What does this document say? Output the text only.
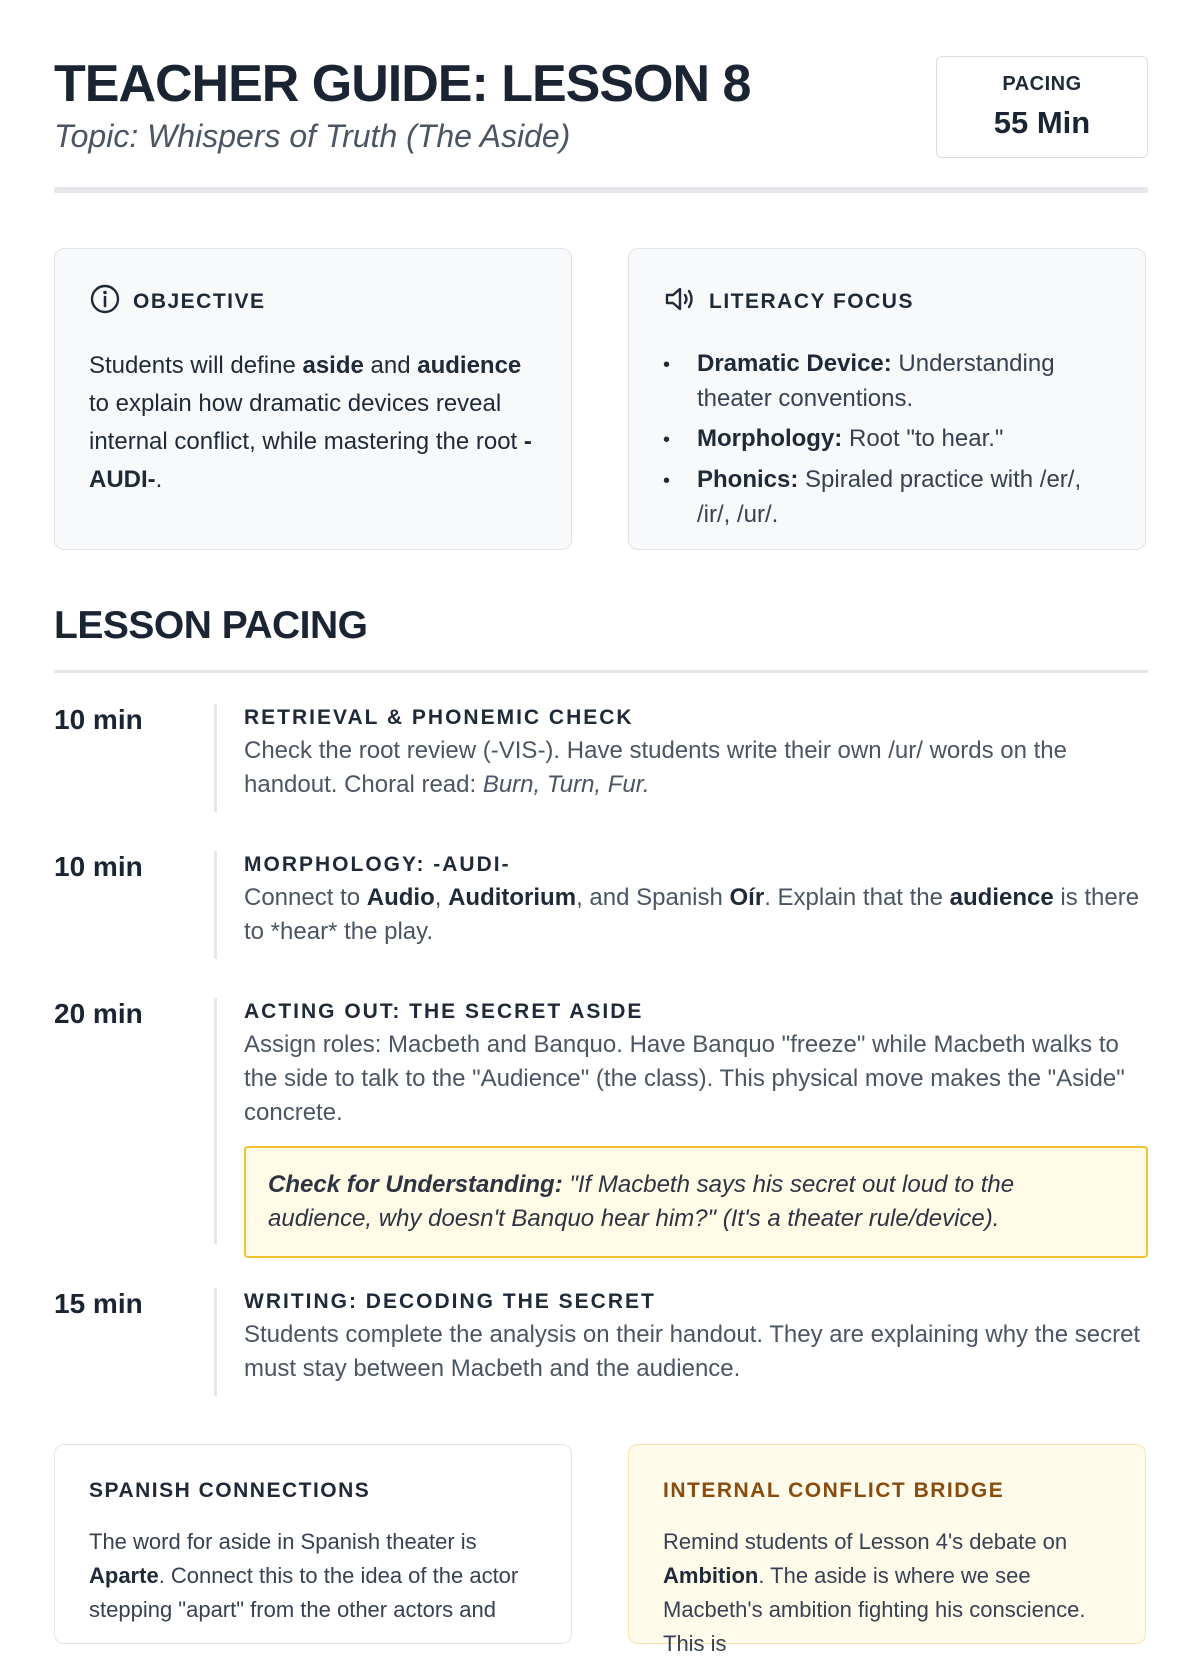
TEACHER GUIDE: LESSON 8

Topic: Whispers of Truth (The Aside)

PACING
55 Min
OBJECTIVE

Students will define aside and audience to explain how dramatic devices reveal internal conflict, while mastering the root -AUDI-.

LITERACY FOCUS
• Dramatic Device: Understanding theater conventions.
• Morphology: Root "to hear."
• Phonics: Spiraled practice with /er/, /ir/, /ur/.
LESSON PACING
10 min	RETRIEVAL & PHONEMIC CHECK

Check the root review (-VIS-). Have students write their own /ur/ words on the handout. Choral read: Burn, Turn, Fur.

10 min	MORPHOLOGY: -AUDI-

Connect to Audio, Auditorium, and Spanish Oír. Explain that the audience is there to *hear* the play.

20 min	ACTING OUT: THE SECRET ASIDE

Assign roles: Macbeth and Banquo. Have Banquo "freeze" while Macbeth walks to the side to talk to the "Audience" (the class). This physical move makes the "Aside" concrete.

Check for Understanding: "If Macbeth says his secret out loud to the audience, why doesn't Banquo hear him?" (It's a theater rule/device).
15 min	WRITING: DECODING THE SECRET

Students complete the analysis on their handout. They are explaining why the secret must stay between Macbeth and the audience.

SPANISH CONNECTIONS

The word for aside in Spanish theater is Aparte. Connect this to the idea of the actor stepping "apart" from the other actors and

INTERNAL CONFLICT BRIDGE

Remind students of Lesson 4's debate on Ambition. The aside is where we see Macbeth's ambition fighting his conscience. This is
